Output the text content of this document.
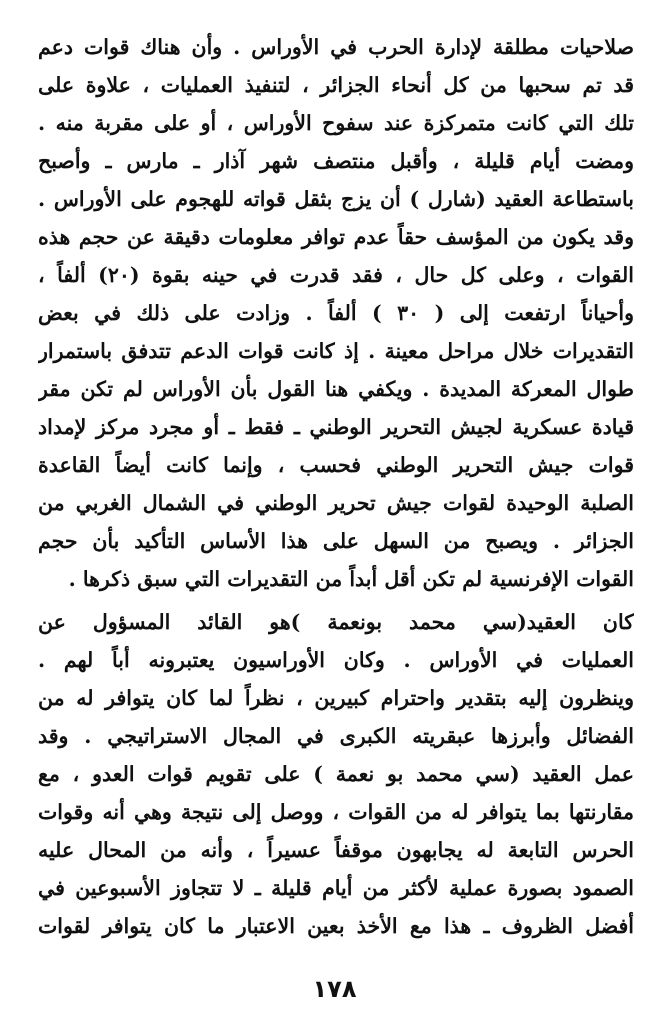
صلاحيات مطلقة لإدارة الحرب في الأوراس . وأن هناك قوات دعم
قد تم سحبها من كل أنحاء الجزائر ، لتنفيذ العمليات ، علاوة على
تلك التي كانت متمركزة عند سفوح الأوراس ، أو على مقربة منه .
ومضت أيام قليلة ، وأقبل منتصف شهر آذار ـ مارس ـ وأصبح
باستطاعة العقيد (شارل ) أن يزج بثقل قواته للهجوم على الأوراس .
وقد يكون من المؤسف حقاً عدم توافر معلومات دقيقة عن حجم هذه
القوات ، وعلى كل حال ، فقد قدرت في حينه بقوة (٢٠) ألفاً ،
وأحياناً ارتفعت إلى ( ٣٠ ) ألفاً . وزادت على ذلك في بعض
التقديرات خلال مراحل معينة . إذ كانت قوات الدعم تتدفق باستمرار
طوال المعركة المديدة . ويكفي هنا القول بأن الأوراس لم تكن مقر
قيادة عسكرية لجيش التحرير الوطني ـ فقط ـ أو مجرد مركز لإمداد
قوات جيش التحرير الوطني فحسب ، وإنما كانت أيضاً القاعدة
الصلبة الوحيدة لقوات جيش تحرير الوطني في الشمال الغربي من
الجزائر . ويصبح من السهل على هذا الأساس التأكيد بأن حجم
القوات الإفرنسية لم تكن أقل أبداً من التقديرات التي سبق ذكرها .
كان العقيد(سي محمد بونعمة )هو القائد المسؤول عن
العمليات في الأوراس . وكان الأوراسيون يعتبرونه أباً لهم .
وينظرون إليه بتقدير واحترام كبيرين ، نظراً لما كان يتوافر له من
الفضائل وأبرزها عبقريته الكبرى في المجال الاستراتيجي . وقد
عمل العقيد (سي محمد بو نعمة ) على تقويم قوات العدو ، مع
مقارنتها بما يتوافر له من القوات ، ووصل إلى نتيجة وهي أنه وقوات
الحرس التابعة له يجابهون موقفاً عسيراً ، وأنه من المحال عليه
الصمود بصورة عملية لأكثر من أيام قليلة ـ لا تتجاوز الأسبوعين في
أفضل الظروف ـ هذا مع الأخذ بعين الاعتبار ما كان يتوافر لقوات
١٧٨
